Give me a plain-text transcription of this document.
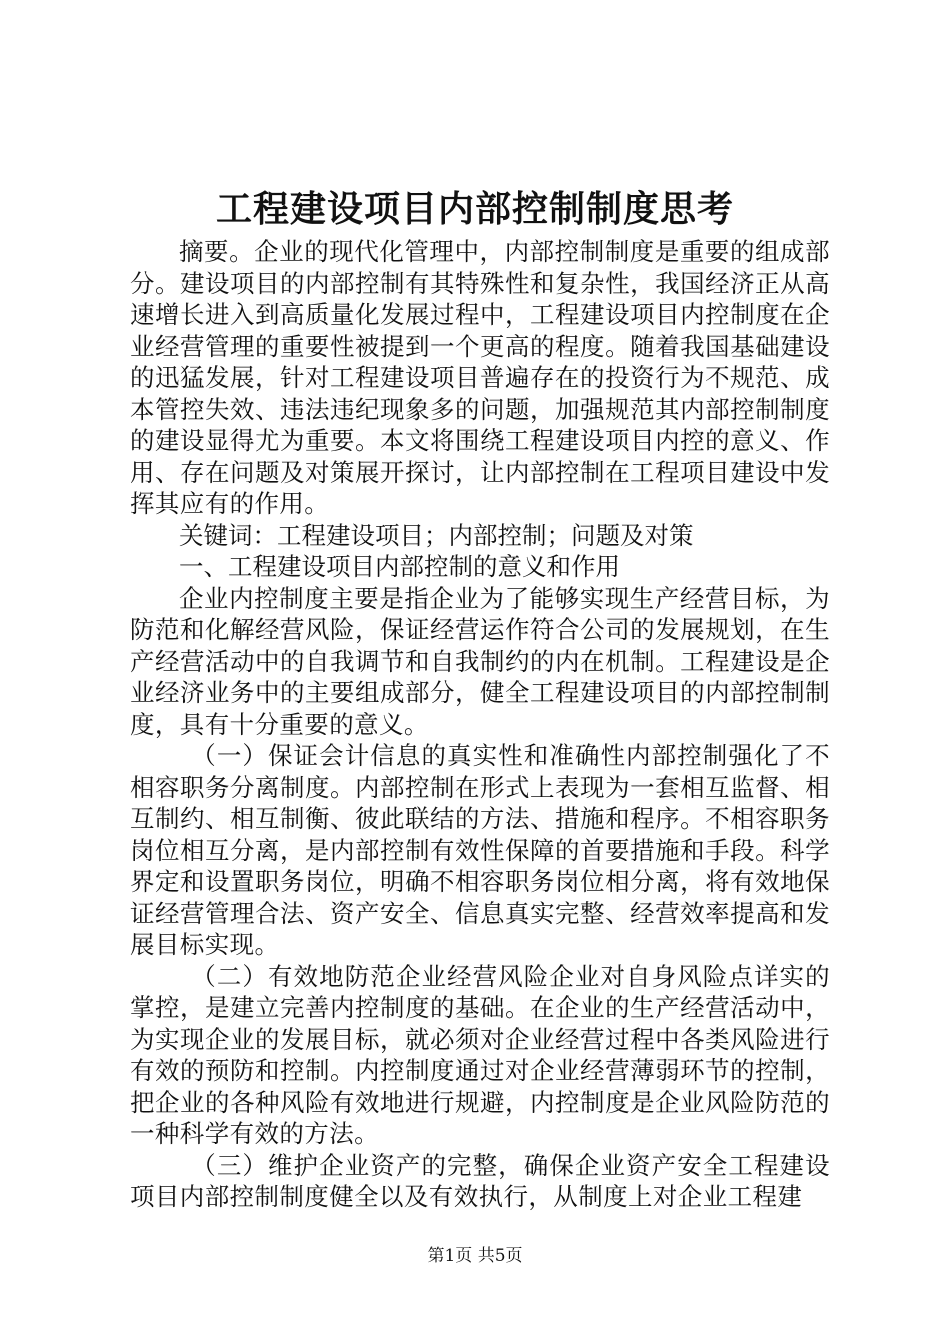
工程建设项目内部控制制度思考

摘要。企业的现代化管理中，内部控制制度是重要的组成部分。建设项目的内部控制有其特殊性和复杂性，我国经济正从高速增长进入到高质量化发展过程中，工程建设项目内控制度在企业经营管理的重要性被提到一个更高的程度。随着我国基础建设的迅猛发展，针对工程建设项目普遍存在的投资行为不规范、成本管控失效、违法违纪现象多的问题，加强规范其内部控制制度的建设显得尤为重要。本文将围绕工程建设项目内控的意义、作用、存在问题及对策展开探讨，让内部控制在工程项目建设中发挥其应有的作用。

关键词：工程建设项目；内部控制；问题及对策

一、工程建设项目内部控制的意义和作用

企业内控制度主要是指企业为了能够实现生产经营目标，为防范和化解经营风险，保证经营运作符合公司的发展规划，在生产经营活动中的自我调节和自我制约的内在机制。工程建设是企业经济业务中的主要组成部分，健全工程建设项目的内部控制制度，具有十分重要的意义。

（一）保证会计信息的真实性和准确性内部控制强化了不相容职务分离制度。内部控制在形式上表现为一套相互监督、相互制约、相互制衡、彼此联结的方法、措施和程序。不相容职务岗位相互分离，是内部控制有效性保障的首要措施和手段。科学界定和设置职务岗位，明确不相容职务岗位相分离，将有效地保证经营管理合法、资产安全、信息真实完整、经营效率提高和发展目标实现。

（二）有效地防范企业经营风险企业对自身风险点详实的掌控，是建立完善内控制度的基础。在企业的生产经营活动中，为实现企业的发展目标，就必须对企业经营过程中各类风险进行有效的预防和控制。内控制度通过对企业经营薄弱环节的控制，把企业的各种风险有效地进行规避，内控制度是企业风险防范的一种科学有效的方法。

（三）维护企业资产的完整，确保企业资产安全工程建设项目内部控制制度健全以及有效执行，从制度上对企业工程建

第1页 共5页
